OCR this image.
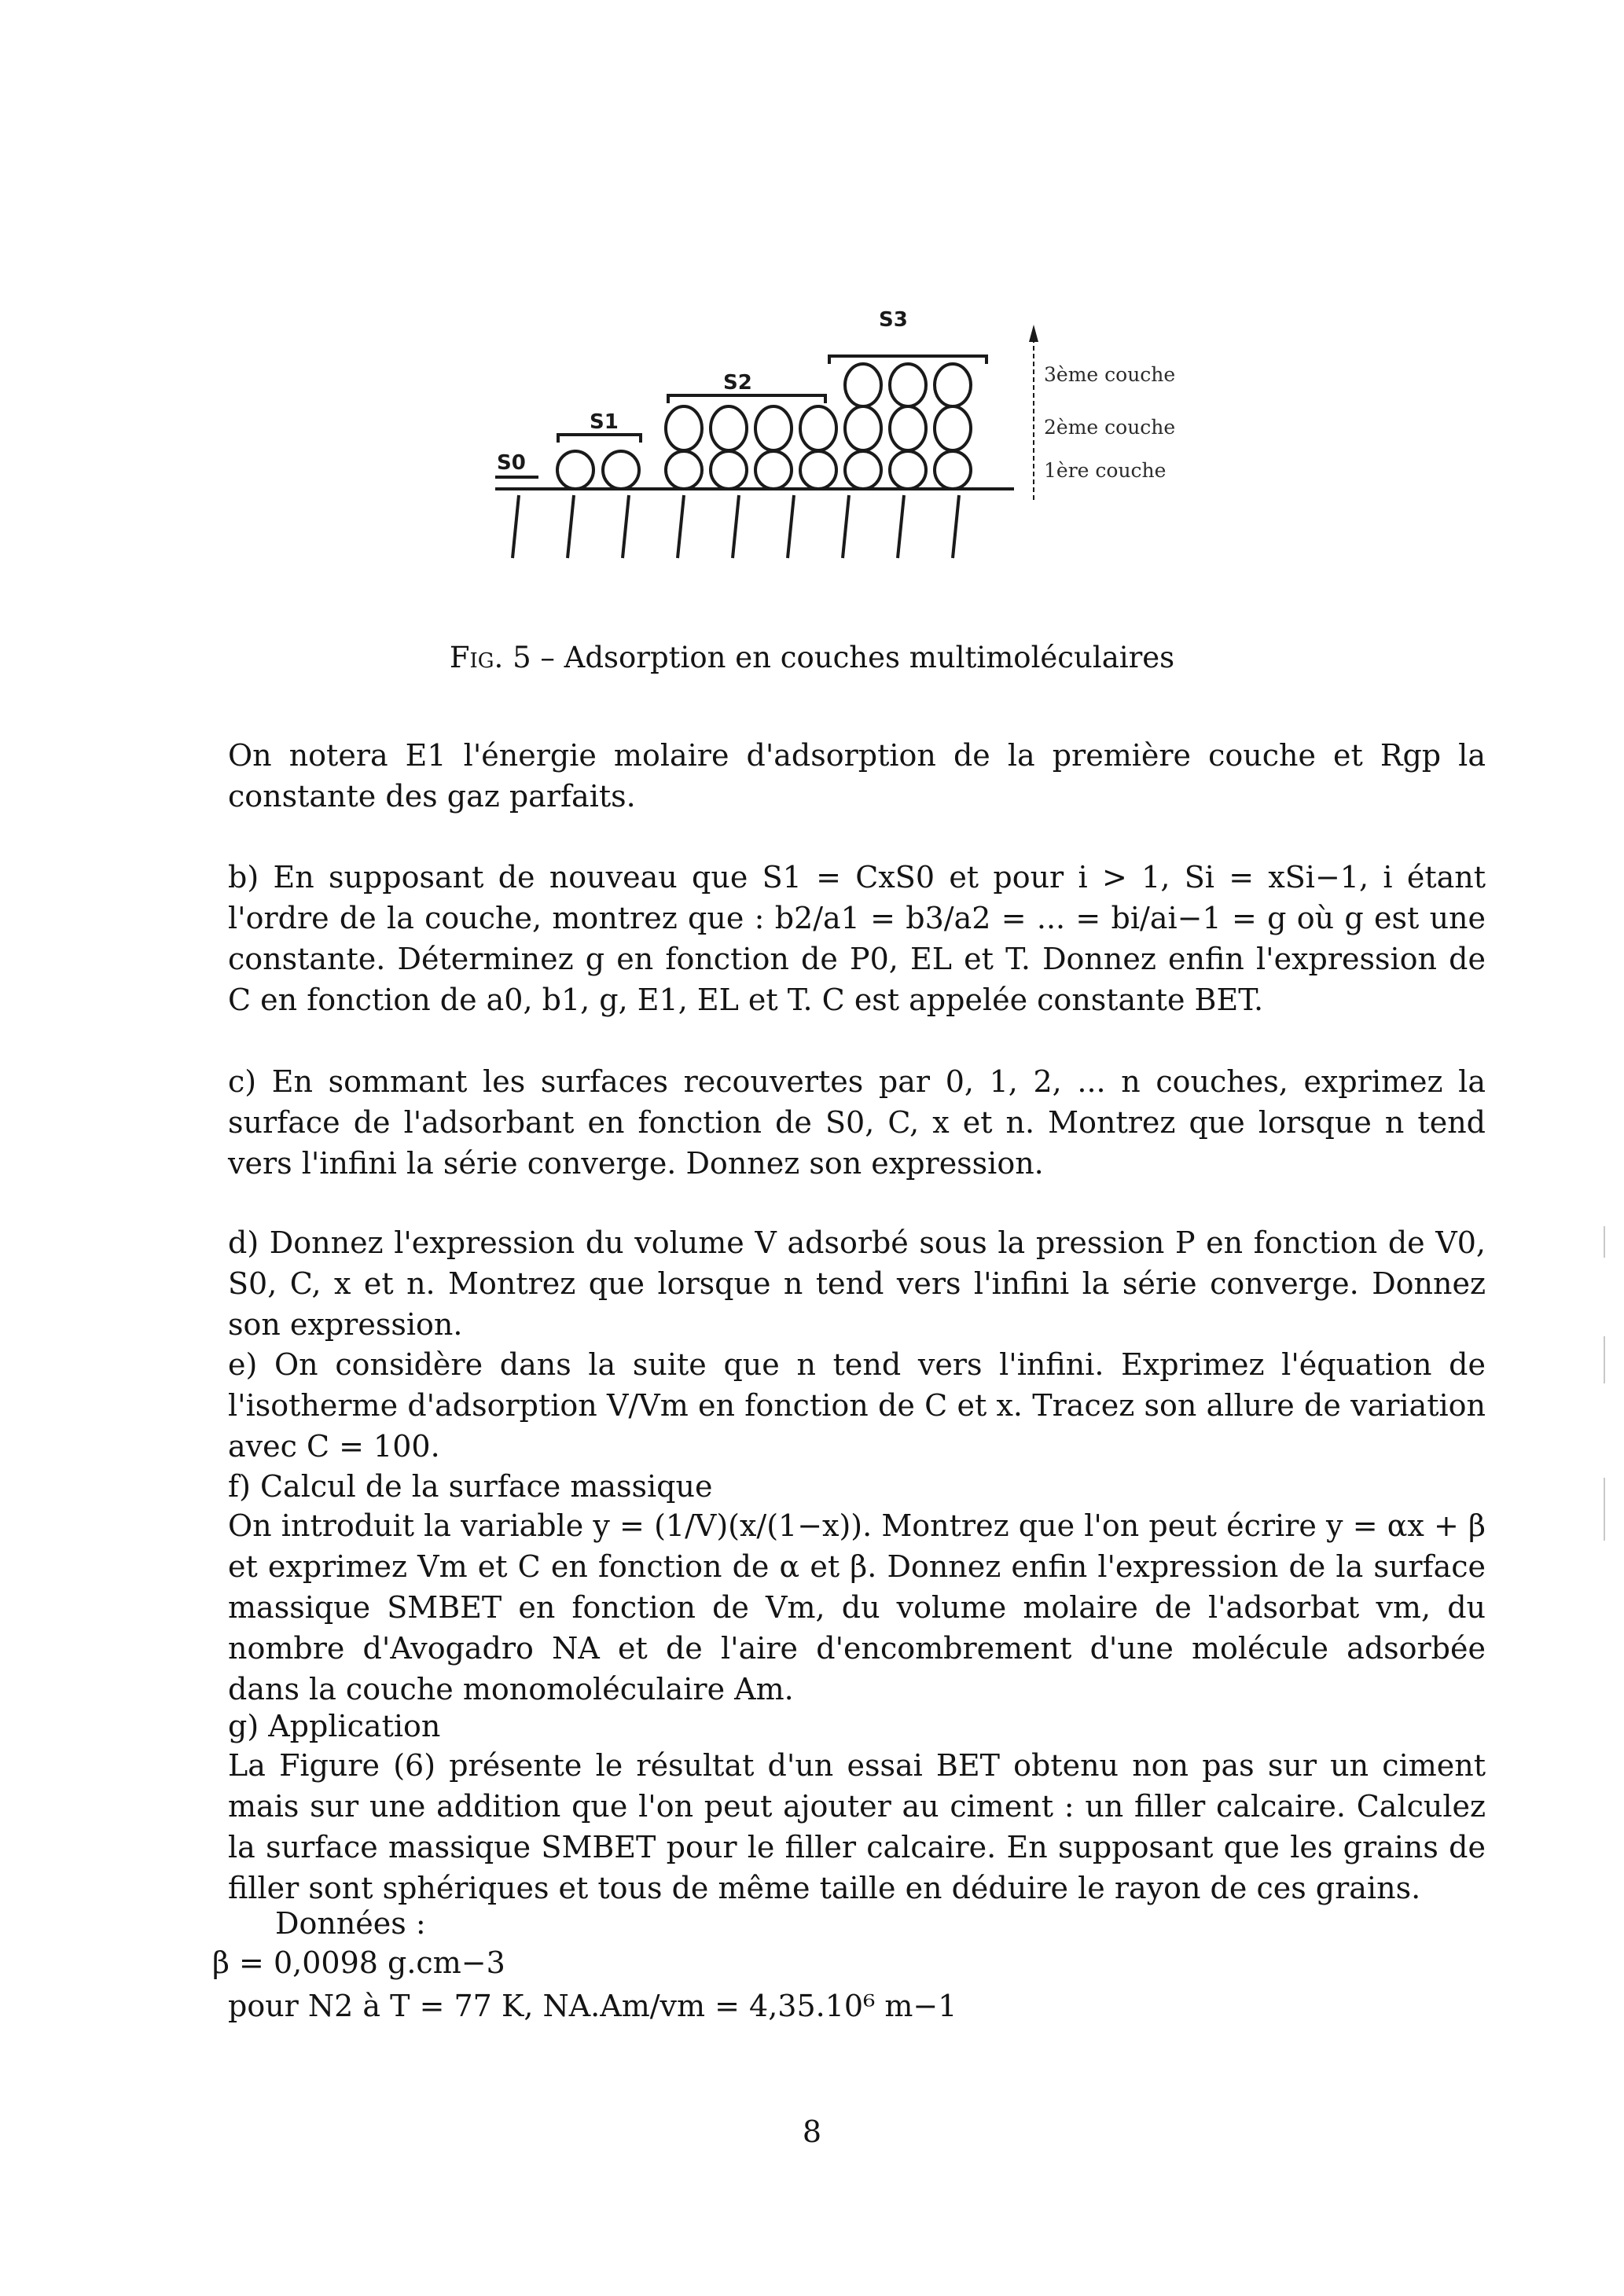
S0
S1
S2
S3
3ème couche
2ème couche
1ère couche
Fig. 5 – Adsorption en couches multimoléculaires
On notera E1 l'énergie molaire d'adsorption de la première couche et Rgp la constante des gaz parfaits.
b) En supposant de nouveau que S1 = CxS0 et pour i > 1, Si = xSi−1, i étant l'ordre de la couche, montrez que : b2/a1 = b3/a2 = ... = bi/ai−1 = g où g est une constante. Déterminez g en fonction de P0, EL et T. Donnez enfin l'expression de C en fonction de a0, b1, g, E1, EL et T. C est appelée constante BET.
c) En sommant les surfaces recouvertes par 0, 1, 2, ... n couches, exprimez la surface de l'adsorbant en fonction de S0, C, x et n. Montrez que lorsque n tend vers l'infini la série converge. Donnez son expression.
d) Donnez l'expression du volume V adsorbé sous la pression P en fonction de V0, S0, C, x et n. Montrez que lorsque n tend vers l'infini la série converge. Donnez son expression.
e) On considère dans la suite que n tend vers l'infini. Exprimez l'équation de l'isotherme d'adsorption V/Vm en fonction de C et x. Tracez son allure de variation avec C = 100.
f) Calcul de la surface massique
On introduit la variable y = (1/V)(x/(1−x)). Montrez que l'on peut écrire y = αx + β et exprimez Vm et C en fonction de α et β. Donnez enfin l'expression de la surface massique SMBET en fonction de Vm, du volume molaire de l'adsorbat vm, du nombre d'Avogadro NA et de l'aire d'encombrement d'une molécule adsorbée dans la couche monomoléculaire Am.
g) Application
La Figure (6) présente le résultat d'un essai BET obtenu non pas sur un ciment mais sur une addition que l'on peut ajouter au ciment : un filler calcaire. Calculez la surface massique SMBET pour le filler calcaire. En supposant que les grains de filler sont sphériques et tous de même taille en déduire le rayon de ces grains.
Données :
β = 0,0098 g.cm−3
pour N2 à T = 77 K, NA.Am/vm = 4,35.10⁶ m−1
8
